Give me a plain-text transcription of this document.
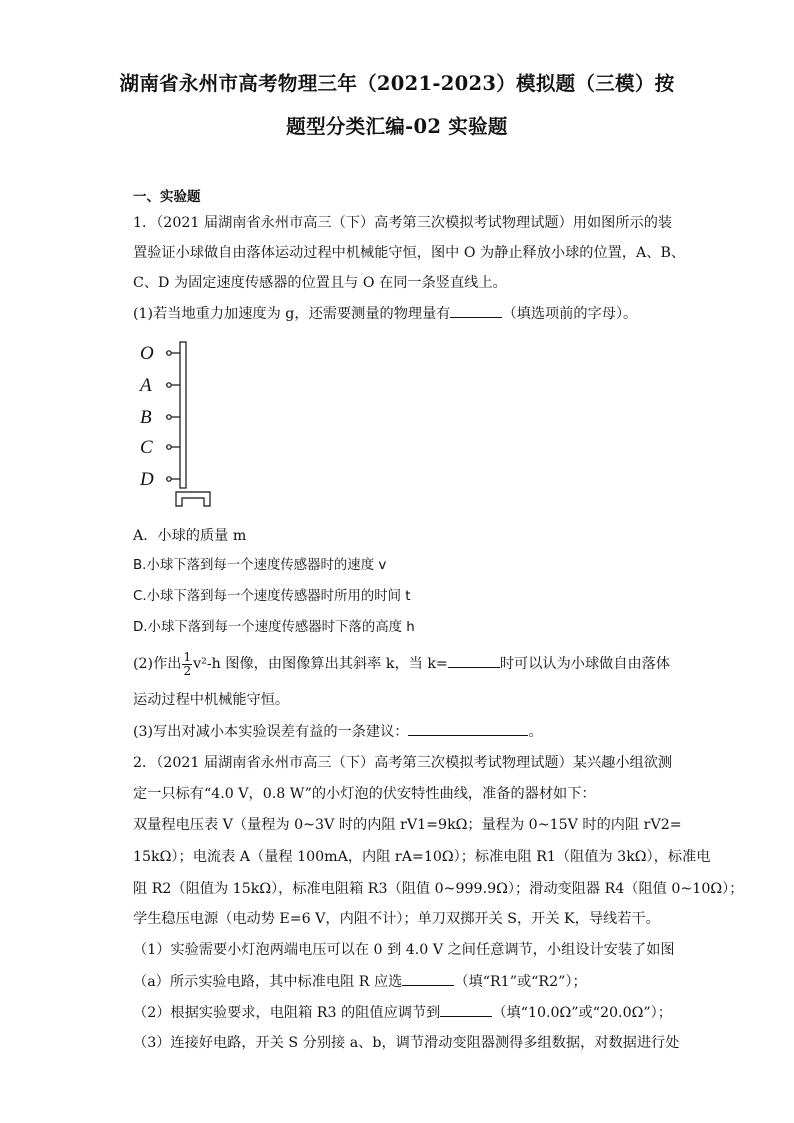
湖南省永州市高考物理三年（2021-2023）模拟题（三模）按
题型分类汇编-02 实验题
一、实验题
1．（2021 届湖南省永州市高三（下）高考第三次模拟考试物理试题）用如图所示的装
置验证小球做自由落体运动过程中机械能守恒，图中 O 为静止释放小球的位置，A、B、
C、D 为固定速度传感器的位置且与 O 在同一条竖直线上。
(1)若当地重力加速度为 g，还需要测量的物理量有	（填选项前的字母）。
O
A
B
C
D
A．小球的质量 m
B.小球下落到每一个速度传感器时的速度 v
C.小球下落到每一个速度传感器时所用的时间 t
D.小球下落到每一个速度传感器时下落的高度 h
(2)作出 $\frac{1}{2} v^2-h$ 图像，由图像算出其斜率 k，当 k=	时可以认为小球做自由落体
运动过程中机械能守恒。
(3)写出对减小本实验误差有益的一条建议：	。
2．（2021 届湖南省永州市高三（下）高考第三次模拟考试物理试题）某兴趣小组欲测
定一只标有“4.0 V，0.8 W”的小灯泡的伏安特性曲线，准备的器材如下：
双量程电压表 V（量程为 0~3V 时的内阻 rV1=9kΩ；量程为 0~15V 时的内阻 rV2=
15kΩ）；电流表 A（量程 100mA，内阻 rA=10Ω）；标准电阻 R1（阻值为 3kΩ），标准电
阻 R2（阻值为 15kΩ），标准电阻箱 R3（阻值 0~999.9Ω）；滑动变阻器 R4（阻值 0~10Ω）；
学生稳压电源（电动势 E=6 V，内阻不计）；单刀双掷开关 S，开关 K，导线若干。
（1）实验需要小灯泡两端电压可以在 0 到 4.0 V 之间任意调节，小组设计安装了如图
（a）所示实验电路，其中标准电阻 R 应选	（填“R1”或“R2”）；
（2）根据实验要求，电阻箱 R3 的阻值应调节到	（填“10.0Ω”或“20.0Ω”）；
（3）连接好电路，开关 S 分别接 a、b，调节滑动变阻器测得多组数据，对数据进行处
